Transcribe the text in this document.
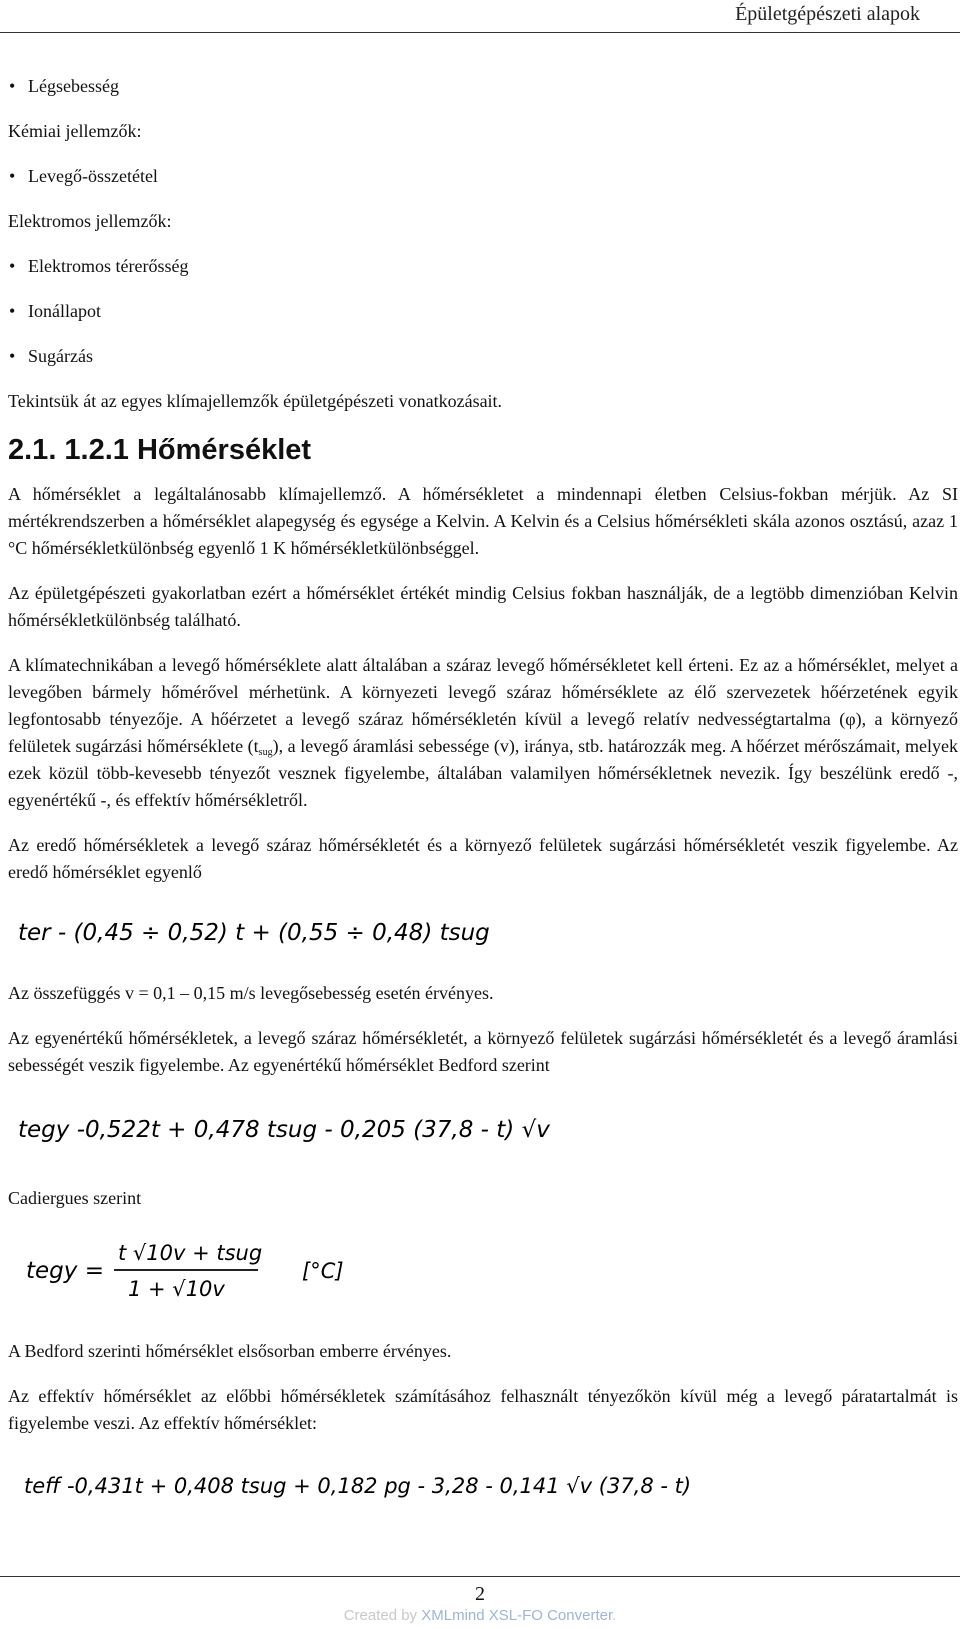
Épületgépészeti alapok
• Légsebesség

Kémiai jellemzők:

• Levegő-összetétel

Elektromos jellemzők:

• Elektromos térerősség
• Ionállapot
• Sugárzás

Tekintsük át az egyes klímajellemzők épületgépészeti vonatkozásait.

2.1. 1.2.1 Hőmérséklet

A hőmérséklet a legáltalánosabb klímajellemző. A hőmérsékletet a mindennapi életben Celsius-fokban mérjük. Az SI mértékrendszerben a hőmérséklet alapegység és egysége a Kelvin. A Kelvin és a Celsius hőmérsékleti skála azonos osztású, azaz 1 °C hőmérsékletkülönbség egyenlő 1 K hőmérsékletkülönbséggel.

Az épületgépészeti gyakorlatban ezért a hőmérséklet értékét mindig Celsius fokban használják, de a legtöbb dimenzióban Kelvin hőmérsékletkülönbség található.

A klímatechnikában a levegő hőmérséklete alatt általában a száraz levegő hőmérsékletet kell érteni. Ez az a hőmérséklet, melyet a levegőben bármely hőmérővel mérhetünk. A környezeti levegő száraz hőmérséklete az élő szervezetek hőérzetének egyik legfontosabb tényezője. A hőérzetet a levegő száraz hőmérsékletén kívül a levegő relatív nedvességtartalma (φ), a környező felületek sugárzási hőmérséklete $(t_{sug})$, a levegő áramlási sebessége (v), iránya, stb. határozzák meg. A hőérzet mérőszámait, melyek ezek közül több-kevesebb tényezőt vesznek figyelembe, általában valamilyen hőmérsékletnek nevezik. Így beszélünk eredő -, egyenértékű -, és effektív hőmérsékletről.

Az eredő hőmérsékletek a levegő száraz hőmérsékletét és a környező felületek sugárzási hőmérsékletét veszik figyelembe. Az eredő hőmérséklet egyenlő

ter - (0,45 ÷ 0,52) t + (0,55 ÷ 0,48) tsug

Az összefüggés v = 0,1 – 0,15 m/s levegősebesség esetén érvényes.

Az egyenértékű hőmérsékletek, a levegő száraz hőmérsékletét, a környező felületek sugárzási hőmérsékletét és a levegő áramlási sebességét veszik figyelembe. Az egyenértékű hőmérséklet Bedford szerint

tegy -0,522t + 0,478 tsug - 0,205 (37,8 - t) √v

Cadiergues szerint

tegy =
t √10v + tsug
1 + √10v
[°C]

A Bedford szerinti hőmérséklet elsősorban emberre érvényes.

Az effektív hőmérséklet az előbbi hőmérsékletek számításához felhasznált tényezőkön kívül még a levegő páratartalmát is figyelembe veszi. Az effektív hőmérséklet:

teff -0,431t + 0,408 tsug + 0,182 pg - 3,28 - 0,141 √v (37,8 - t)
2
Created by XMLmind XSL-FO Converter.
